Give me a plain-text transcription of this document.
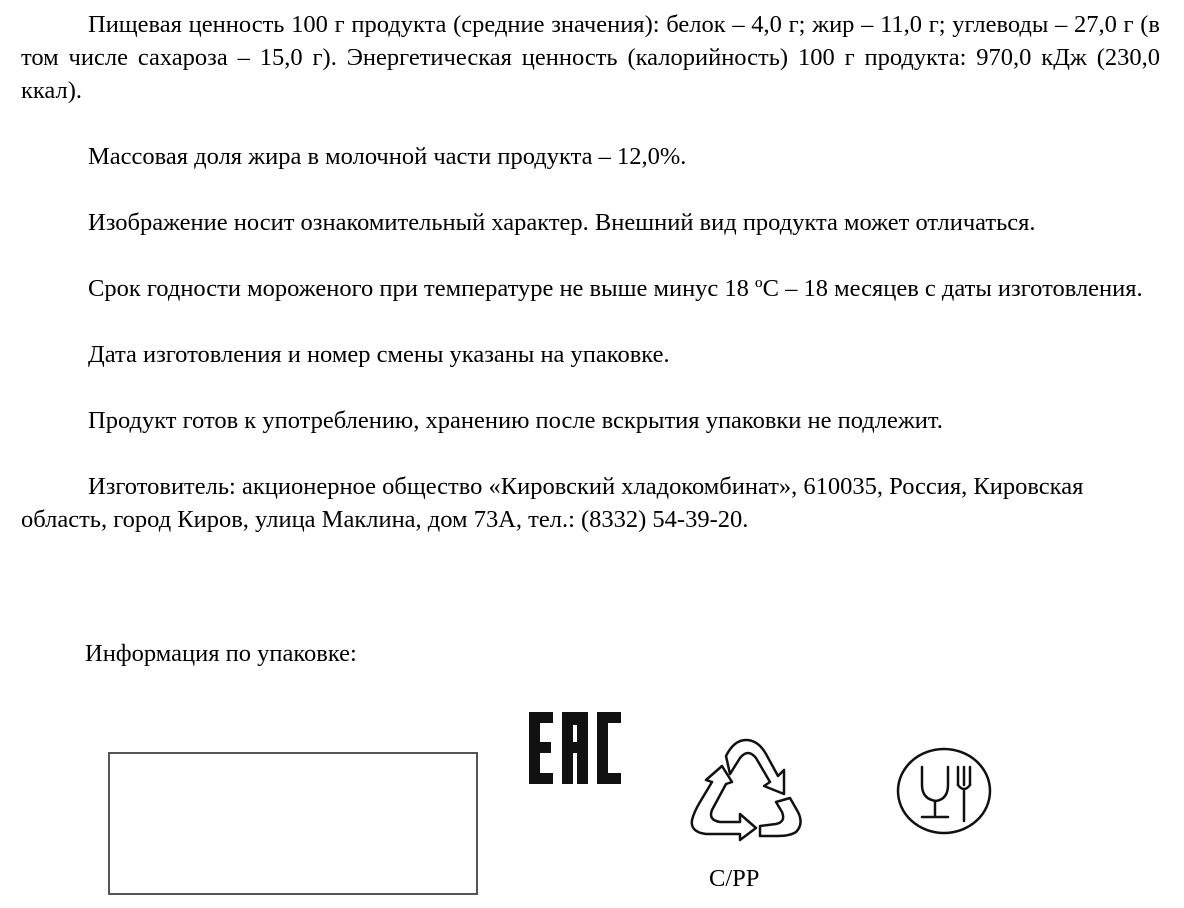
Пищевая ценность 100 г продукта (средние значения): белок – 4,0 г; жир – 11,0 г; углеводы – 27,0 г (в том числе сахароза – 15,0 г). Энергетическая ценность (калорийность) 100 г продукта: 970,0 кДж (230,0 ккал).

Массовая доля жира в молочной части продукта – 12,0%.

Изображение носит ознакомительный характер. Внешний вид продукта может отличаться.

Срок годности мороженого при температуре не выше минус 18 ºС – 18 месяцев с даты изготовления.

Дата изготовления и номер смены указаны на упаковке.

Продукт готов к употреблению, хранению после вскрытия упаковки не подлежит.

Изготовитель: акционерное общество «Кировский хладокомбинат», 610035, Россия, Кировская область, город Киров, улица Маклина, дом 73А, тел.: (8332) 54-39-20.

Информация по упаковке:

C/PP
